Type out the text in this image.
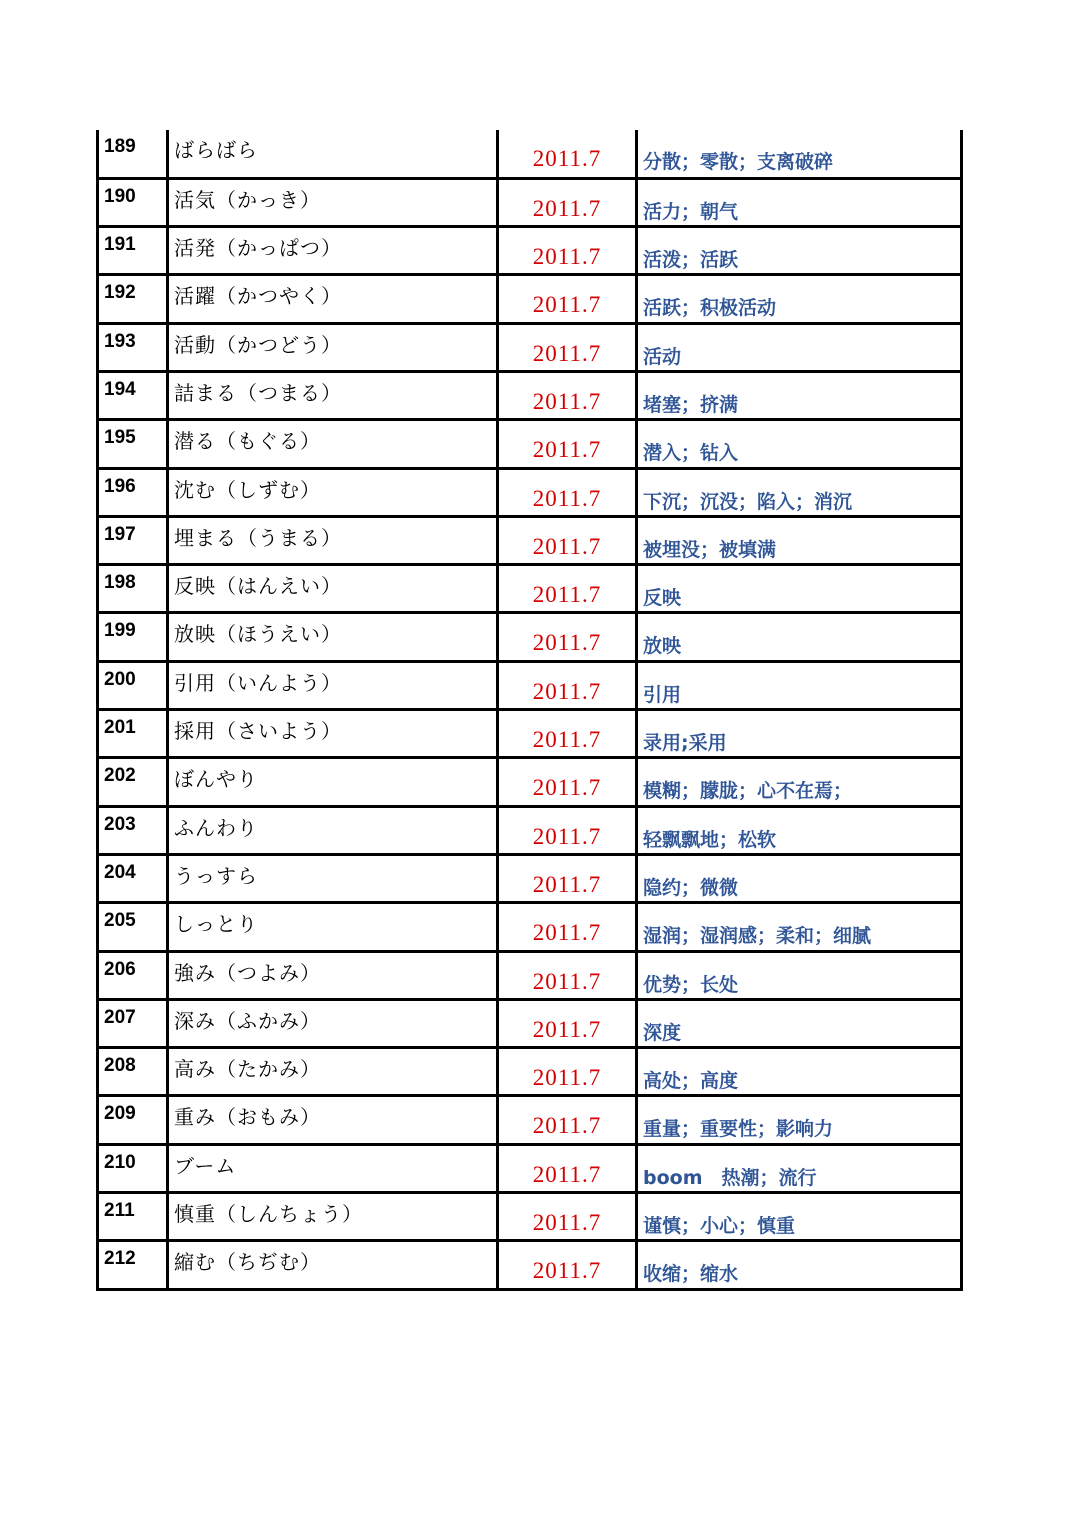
189	ばらばら	2011.7	分散；零散；支离破碎

190	活気（かっき）	2011.7	活力；朝气

191	活発（かっぱつ）	2011.7	活泼；活跃

192	活躍（かつやく）	2011.7	活跃；积极活动

193	活動（かつどう）	2011.7	活动

194	詰まる（つまる）	2011.7	堵塞；挤满

195	潜る（もぐる）	2011.7	潜入；钻入

196	沈む（しずむ）	2011.7	下沉；沉没；陷入；消沉

197	埋まる（うまる）	2011.7	被埋没；被填满

198	反映（はんえい）	2011.7	反映

199	放映（ほうえい）	2011.7	放映

200	引用（いんよう）	2011.7	引用

201	採用（さいよう）	2011.7	录用;采用

202	ぼんやり	2011.7	模糊；朦胧；心不在焉；

203	ふんわり	2011.7	轻飘飘地；松软

204	うっすら	2011.7	隐约；微微

205	しっとり	2011.7	湿润；湿润感；柔和；细腻

206	強み（つよみ）	2011.7	优势；长处

207	深み（ふかみ）	2011.7	深度

208	高み（たかみ）	2011.7	高处；高度

209	重み（おもみ）	2011.7	重量；重要性；影响力

210	ブーム	2011.7	boom　热潮；流行

211	慎重（しんちょう）	2011.7	谨慎；小心；慎重

212	縮む（ちぢむ）	2011.7	收缩；缩水
